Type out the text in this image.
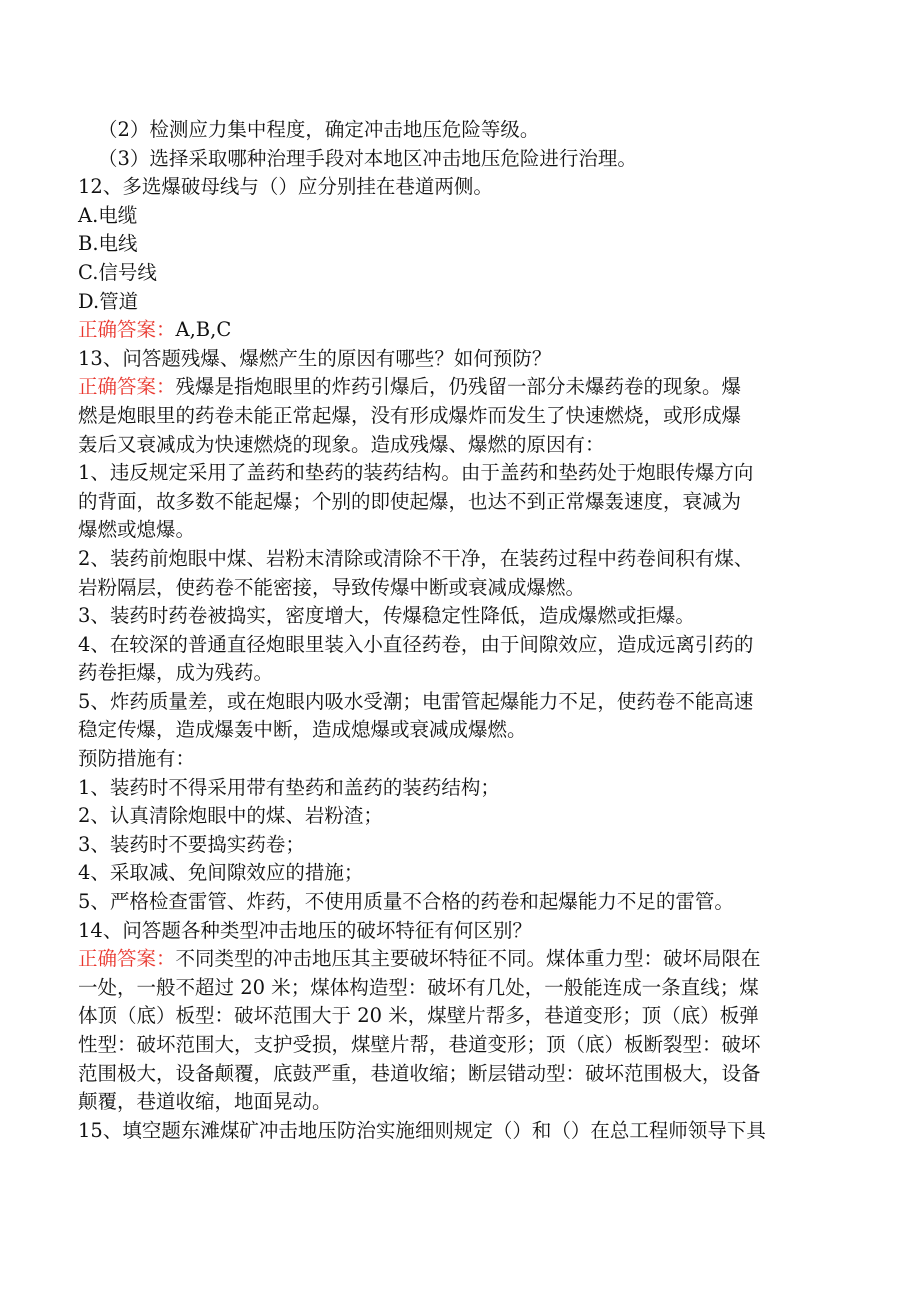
（2）检测应力集中程度，确定冲击地压危险等级。
（3）选择采取哪种治理手段对本地区冲击地压危险进行治理。
12、多选爆破母线与（）应分别挂在巷道两侧。
A.电缆
B.电线
C.信号线
D.管道
正确答案：A,B,C
13、问答题残爆、爆燃产生的原因有哪些？如何预防？
正确答案：残爆是指炮眼里的炸药引爆后，仍残留一部分未爆药卷的现象。爆
燃是炮眼里的药卷未能正常起爆，没有形成爆炸而发生了快速燃烧，或形成爆
轰后又衰减成为快速燃烧的现象。造成残爆、爆燃的原因有：
1、违反规定采用了盖药和垫药的装药结构。由于盖药和垫药处于炮眼传爆方向
的背面，故多数不能起爆；个别的即使起爆，也达不到正常爆轰速度，衰减为
爆燃或熄爆。
2、装药前炮眼中煤、岩粉末清除或清除不干净，在装药过程中药卷间积有煤、
岩粉隔层，使药卷不能密接，导致传爆中断或衰减成爆燃。
3、装药时药卷被捣实，密度增大，传爆稳定性降低，造成爆燃或拒爆。
4、在较深的普通直径炮眼里装入小直径药卷，由于间隙效应，造成远离引药的
药卷拒爆，成为残药。
5、炸药质量差，或在炮眼内吸水受潮；电雷管起爆能力不足，使药卷不能高速
稳定传爆，造成爆轰中断，造成熄爆或衰减成爆燃。
预防措施有：
1、装药时不得采用带有垫药和盖药的装药结构；
2、认真清除炮眼中的煤、岩粉渣；
3、装药时不要捣实药卷；
4、采取减、免间隙效应的措施；
5、严格检查雷管、炸药，不使用质量不合格的药卷和起爆能力不足的雷管。
14、问答题各种类型冲击地压的破坏特征有何区别？
正确答案：不同类型的冲击地压其主要破坏特征不同。煤体重力型：破坏局限在
一处，一般不超过 20 米；煤体构造型：破坏有几处，一般能连成一条直线；煤
体顶（底）板型：破坏范围大于 20 米，煤壁片帮多，巷道变形；顶（底）板弹
性型：破坏范围大，支护受损，煤壁片帮，巷道变形；顶（底）板断裂型：破坏
范围极大，设备颠覆，底鼓严重，巷道收缩；断层错动型：破坏范围极大，设备
颠覆，巷道收缩，地面晃动。
15、填空题东滩煤矿冲击地压防治实施细则规定（）和（）在总工程师领导下具
